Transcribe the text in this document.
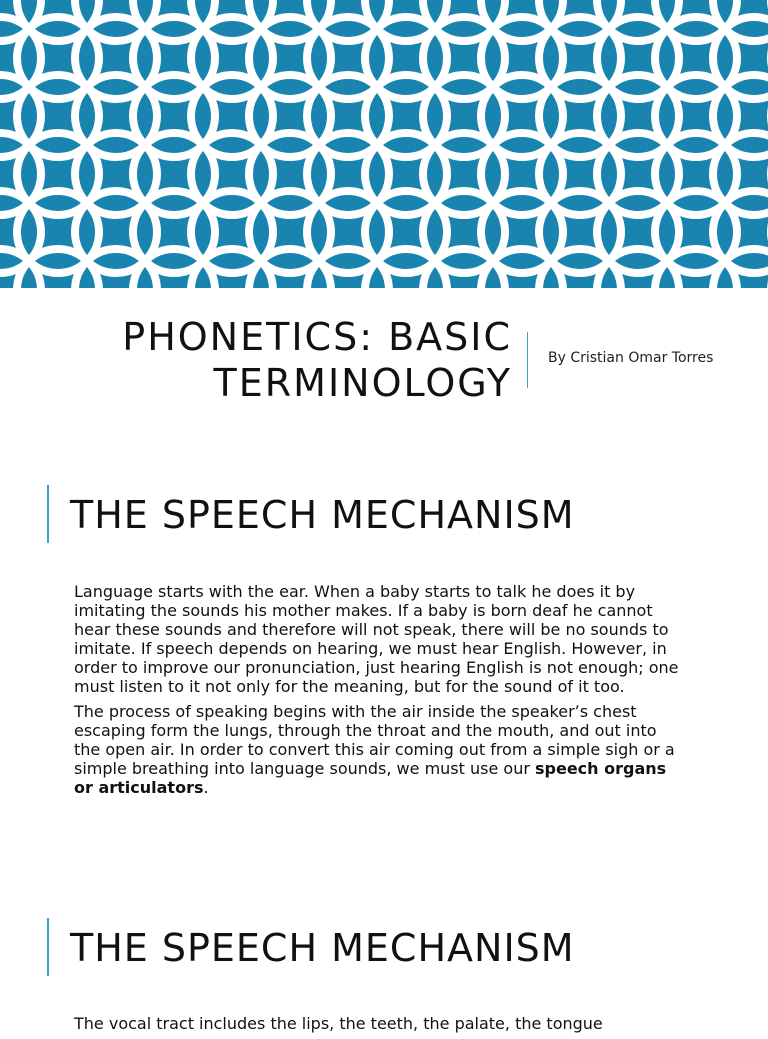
PHONETICS: BASIC
TERMINOLOGY
By Cristian Omar Torres
THE SPEECH MECHANISM

Language starts with the ear. When a baby starts to talk he does it by imitating the sounds his mother makes. If a baby is born deaf he cannot hear these sounds and therefore will not speak, there will be no sounds to imitate. If speech depends on hearing, we must hear English. However, in order to improve our pronunciation, just hearing English is not enough; one must listen to it not only for the meaning, but for the sound of it too.

The process of speaking begins with the air inside the speaker’s chest escaping form the lungs, through the throat and the mouth, and out into the open air. In order to convert this air coming out from a simple sigh or a simple breathing into language sounds, we must use our speech organs or articulators.

THE SPEECH MECHANISM

The vocal tract includes the lips, the teeth, the palate, the tongue
